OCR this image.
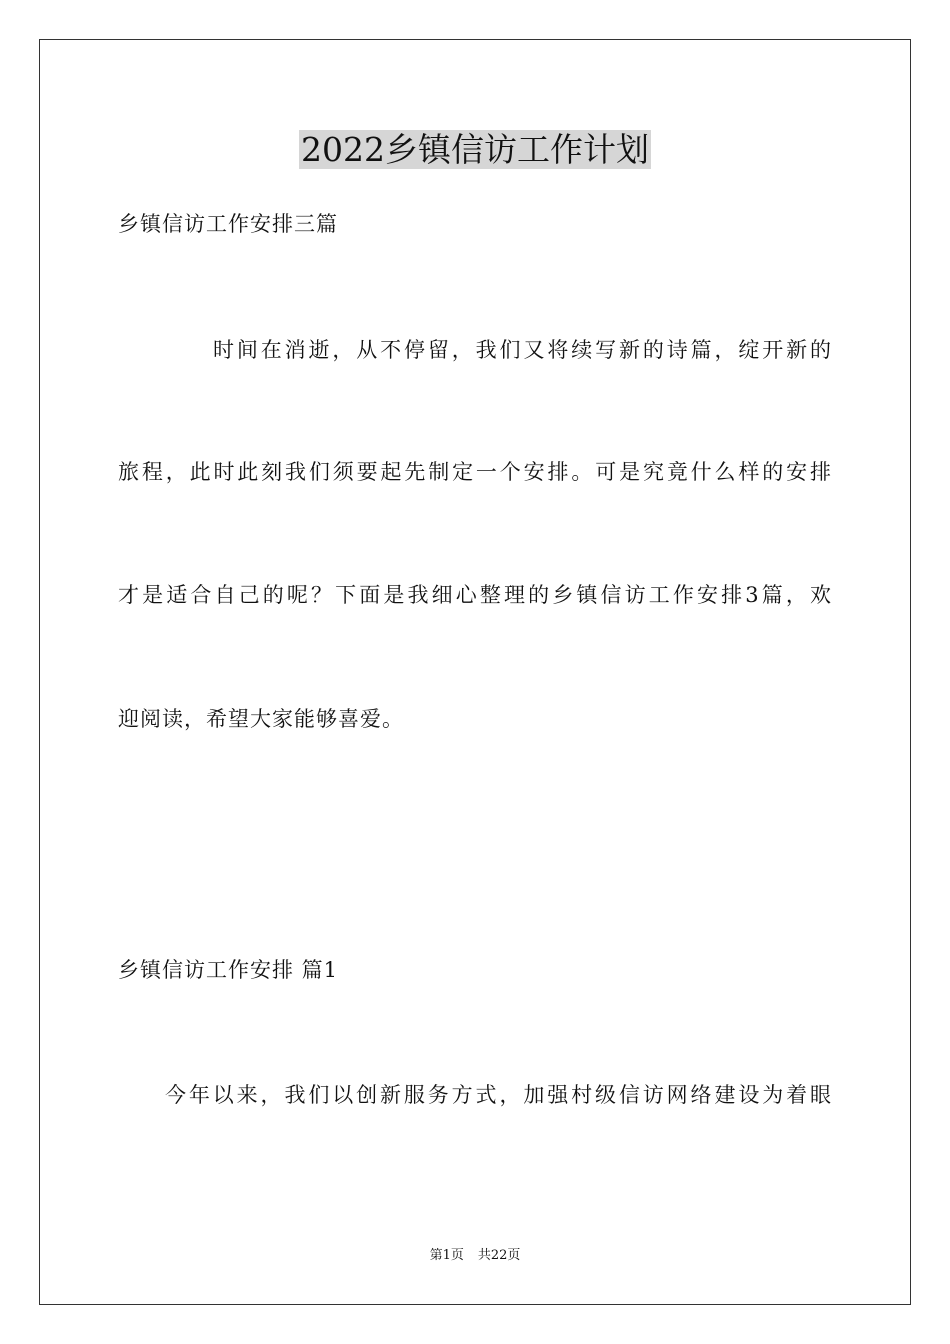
2022乡镇信访工作计划

乡镇信访工作安排三篇

时间在消逝，从不停留，我们又将续写新的诗篇，绽开新的

旅程，此时此刻我们须要起先制定一个安排。可是究竟什么样的安排

才是适合自己的呢？下面是我细心整理的乡镇信访工作安排3篇，欢

迎阅读，希望大家能够喜爱。

乡镇信访工作安排 篇1

今年以来，我们以创新服务方式，加强村级信访网络建设为着眼

第1页 共22页
